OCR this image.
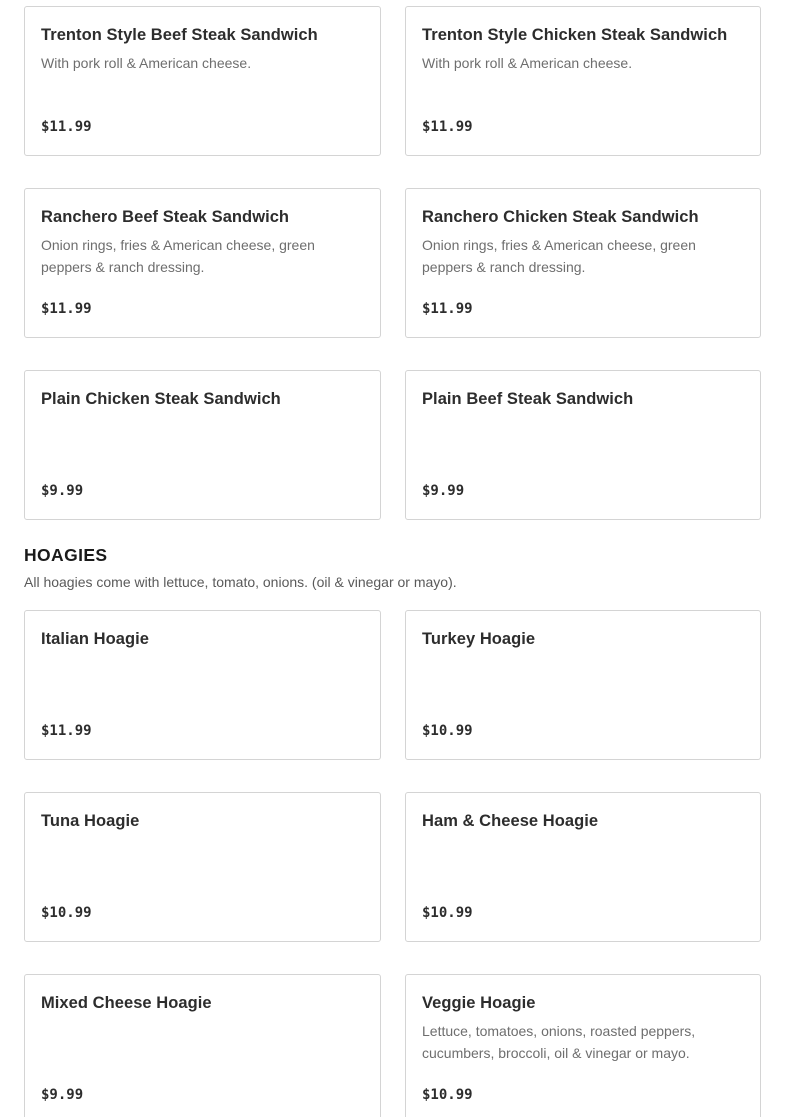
Trenton Style Beef Steak Sandwich
With pork roll & American cheese.
$11.99
Trenton Style Chicken Steak Sandwich
With pork roll & American cheese.
$11.99
Ranchero Beef Steak Sandwich
Onion rings, fries & American cheese, green peppers & ranch dressing.
$11.99
Ranchero Chicken Steak Sandwich
Onion rings, fries & American cheese, green peppers & ranch dressing.
$11.99
Plain Chicken Steak Sandwich
$9.99
Plain Beef Steak Sandwich
$9.99
HOAGIES

All hoagies come with lettuce, tomato, onions. (oil & vinegar or mayo).

Italian Hoagie
$11.99
Turkey Hoagie
$10.99
Tuna Hoagie
$10.99
Ham & Cheese Hoagie
$10.99
Mixed Cheese Hoagie
$9.99
Veggie Hoagie
Lettuce, tomatoes, onions, roasted peppers, cucumbers, broccoli, oil & vinegar or mayo.
$10.99
